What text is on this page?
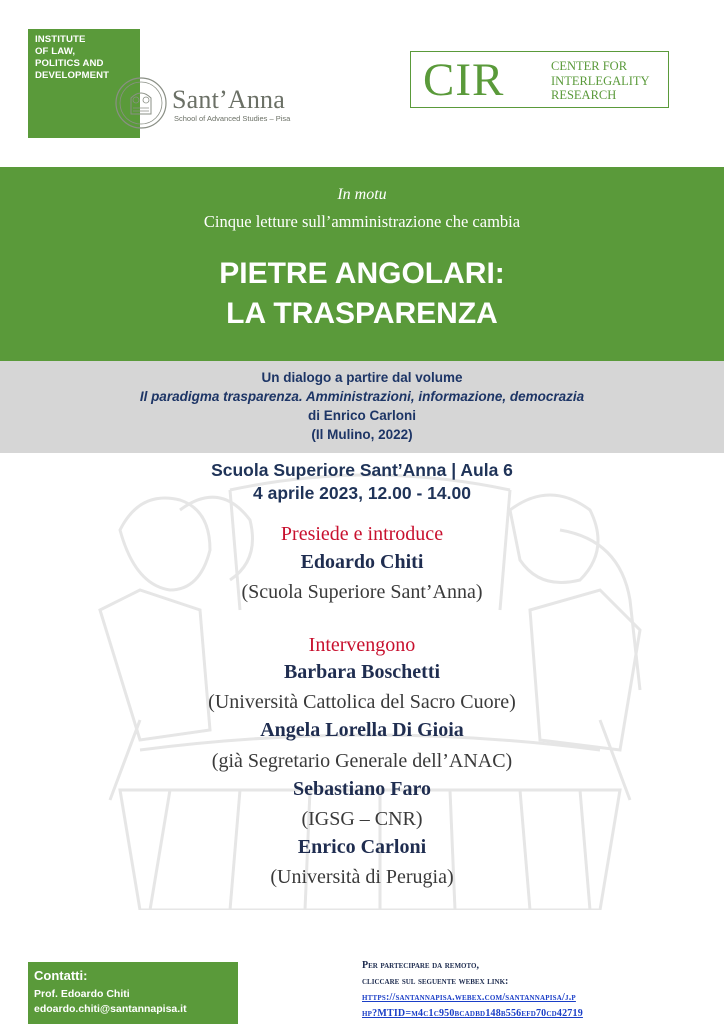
INSTITUTE
OF LAW,
POLITICS AND
DEVELOPMENT
Sant’Anna
School of Advanced Studies – Pisa
CIR	CENTER FOR
INTERLEGALITY
RESEARCH
In motu
Cinque letture sull’amministrazione che cambia
PIETRE ANGOLARI:
LA TRASPARENZA
Un dialogo a partire dal volume
Il paradigma trasparenza. Amministrazioni, informazione, democrazia
di Enrico Carloni
(Il Mulino, 2022)
Scuola Superiore Sant’Anna | Aula 6
4 aprile 2023, 12.00 - 14.00
Presiede e introduce
Edoardo Chiti
(Scuola Superiore Sant’Anna)
Intervengono
Barbara Boschetti
(Università Cattolica del Sacro Cuore)
Angela Lorella Di Gioia
(già Segretario Generale dell’ANAC)
Sebastiano Faro
(IGSG – CNR)
Enrico Carloni
(Università di Perugia)
Contatti:
Prof. Edoardo Chiti
edoardo.chiti@santannapisa.it
Per partecipare da remoto,
cliccare sul seguente webex link:
https://santannapisa.webex.com/santannapisa/j.p
hp?MTID=m4c1c950bcadbd148b556efd70cd42719
